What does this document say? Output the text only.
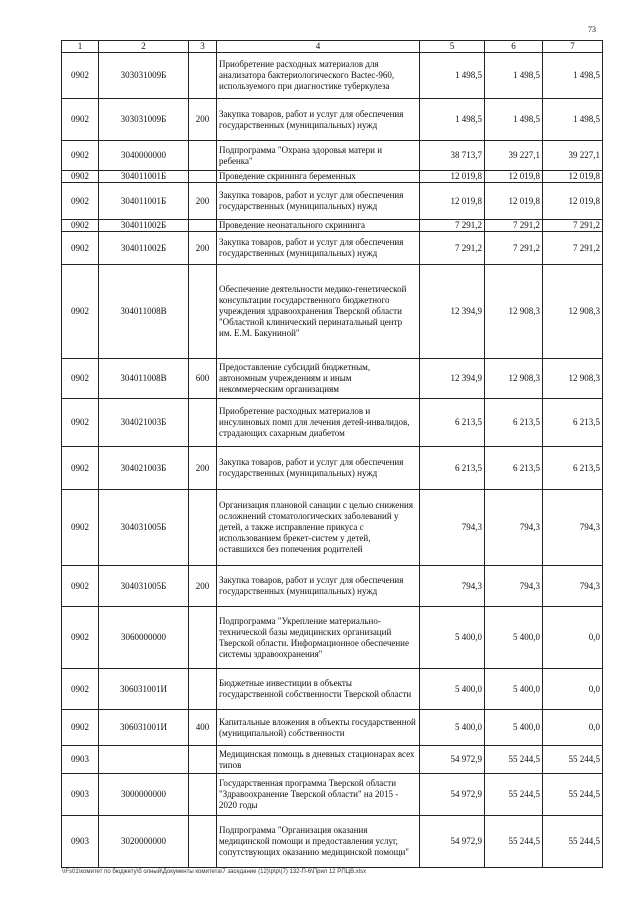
73
1	2	3	4	5	6	7
0902	303031009Б		Приобретение расходных материалов для анализатора бактериологического Bactec-960, используемого при диагностике туберкулеза	1 498,5	1 498,5	1 498,5
0902	303031009Б	200	Закупка товаров, работ и услуг для обеспечения государственных (муниципальных) нужд	1 498,5	1 498,5	1 498,5
0902	3040000000		Подпрограмма "Охрана здоровья матери и ребенка"	38 713,7	39 227,1	39 227,1
0902	304011001Б		Проведение скрининга беременных	12 019,8	12 019,8	12 019,8
0902	304011001Б	200	Закупка товаров, работ и услуг для обеспечения государственных (муниципальных) нужд	12 019,8	12 019,8	12 019,8
0902	304011002Б		Проведение неонатального скрининга	7 291,2	7 291,2	7 291,2
0902	304011002Б	200	Закупка товаров, работ и услуг для обеспечения государственных (муниципальных) нужд	7 291,2	7 291,2	7 291,2
0902	304011008В		Обеспечение деятельности медико-генетической консультации государственного бюджетного учреждения здравоохранения Тверской области "Областной клинический перинатальный центр им. Е.М. Бакуниной"	12 394,9	12 908,3	12 908,3
0902	304011008В	600	Предоставление субсидий бюджетным, автономным учреждениям и иным некоммерческим организациям	12 394,9	12 908,3	12 908,3
0902	304021003Б		Приобретение расходных материалов и инсулиновых помп для лечения детей-инвалидов, страдающих сахарным диабетом	6 213,5	6 213,5	6 213,5
0902	304021003Б	200	Закупка товаров, работ и услуг для обеспечения государственных (муниципальных) нужд	6 213,5	6 213,5	6 213,5
0902	304031005Б		Организация плановой санации с целью снижения осложнений стоматологических заболеваний у детей, а также исправление прикуса с использованием брекет-систем у детей, оставшихся без попечения родителей	794,3	794,3	794,3
0902	304031005Б	200	Закупка товаров, работ и услуг для обеспечения государственных (муниципальных) нужд	794,3	794,3	794,3
0902	3060000000		Подпрограмма "Укрепление материально-технической базы медицинских организаций Тверской области. Информационное обеспечение системы здравоохранения"	5 400,0	5 400,0	0,0
0902	306031001И		Бюджетные инвестиции в объекты государственной собственности Тверской области	5 400,0	5 400,0	0,0
0902	306031001И	400	Капитальные вложения в объекты государственной (муниципальной) собственности	5 400,0	5 400,0	0,0
0903			Медицинская помощь в дневных стационарах всех типов	54 972,9	55 244,5	55 244,5
0903	3000000000		Государственная программа Тверской области "Здравоохранение Тверской области" на 2015 - 2020 годы	54 972,9	55 244,5	55 244,5
0903	3020000000		Подпрограмма "Организация оказания медицинской помощи и предоставления услуг, сопутствующих оказанию медицинской помощи"	54 972,9	55 244,5	55 244,5
\\Fs01\комитет по бюджету\б олный\Документы комитета\7 заседание (12)\p\p\(7) 132-П-6\Прил 12 РПЦВ.xlsx
